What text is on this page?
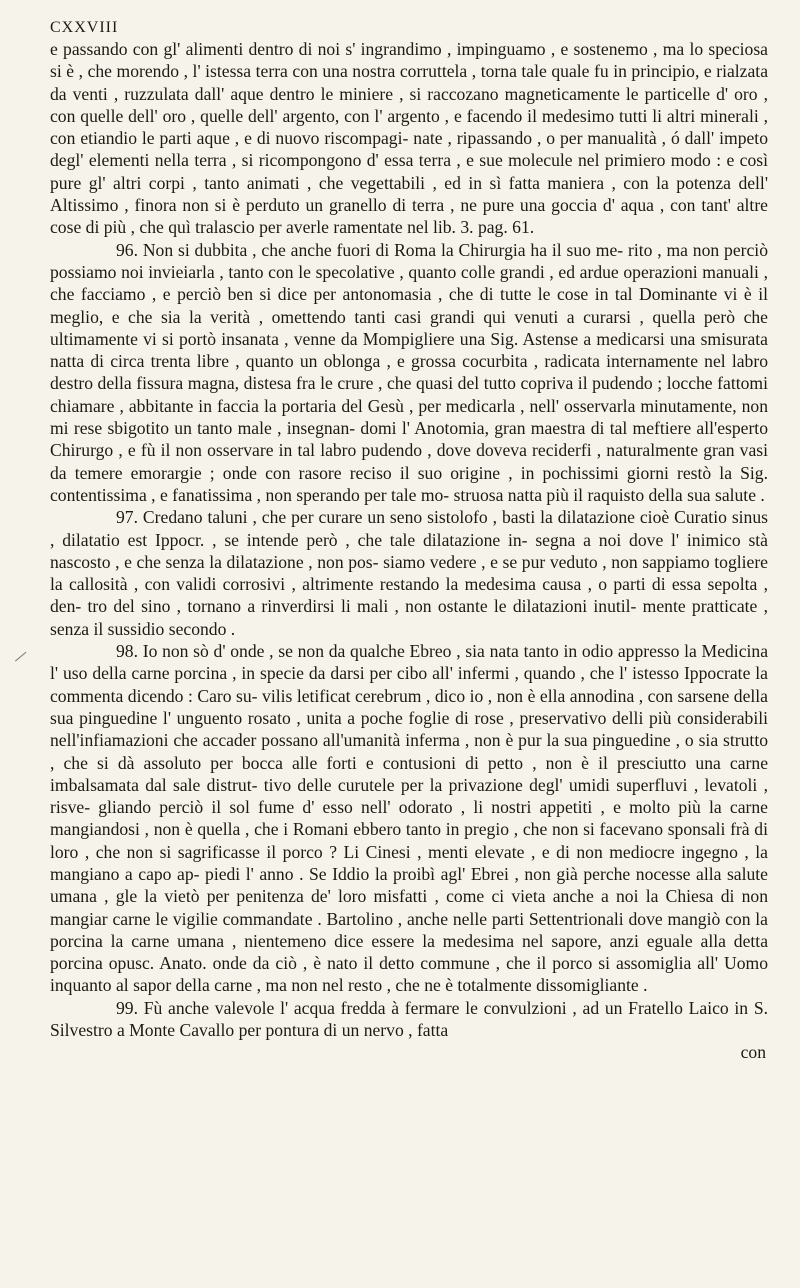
CXXVIII

e passando con gl' alimenti dentro di noi s' ingrandimo , impinguamo , e sostenemo , ma lo speciosa si è , che morendo , l' istessa terra con una nostra corruttela , torna tale quale fu in principio, e rialzata da venti , ruzzulata dall' aque dentro le miniere , si raccozano magneticamente le particelle d' oro , con quelle dell' oro , quelle dell' argento, con l' argento , e facendo il medesimo tutti li altri minerali , con etiandio le parti aque , e di nuovo riscompagi- nate , ripassando , o per manualità , ó dall' impeto degl' elementi nella terra , si ricompongono d' essa terra , e sue molecule nel primiero modo : e così pure gl' altri corpi , tanto animati , che vegettabili , ed in sì fatta maniera , con la potenza dell' Altissimo , finora non si è perduto un granello di terra , ne pure una goccia d' aqua , con tant' altre cose di più , che quì tralascio per averle ramentate nel lib. 3. pag. 61.

96. Non si dubbita , che anche fuori di Roma la Chirurgia ha il suo me- rito , ma non perciò possiamo noi invieiarla , tanto con le specolative , quanto colle grandi , ed ardue operazioni manuali , che facciamo , e perciò ben si dice per antonomasia , che di tutte le cose in tal Dominante vi è il meglio, e che sia la verità , omettendo tanti casi grandi qui venuti a curarsi , quella però che ultimamente vi si portò insanata , venne da Mompigliere una Sig. Astense a medicarsi una smisurata natta di circa trenta libre , quanto un oblonga , e grossa cocurbita , radicata internamente nel labro destro della fissura magna, distesa fra le crure , che quasi del tutto copriva il pudendo ; locche fattomi chiamare , abbitante in faccia la portaria del Gesù , per medicarla , nell' osservarla minutamente, non mi rese sbigotito un tanto male , insegnan- domi l' Anotomia, gran maestra di tal meftiere all'esperto Chirurgo , e fù il non osservare in tal labro pudendo , dove doveva reciderfi , naturalmente gran vasi da temere emorargie ; onde con rasore reciso il suo origine , in pochissimi giorni restò la Sig. contentissima , e fanatissima , non sperando per tale mo- struosa natta più il raquisto della sua salute .

97. Credano taluni , che per curare un seno sistolofo , basti la dilatazione cioè Curatio sinus , dilatatio est Ippocr. , se intende però , che tale dilatazione in- segna a noi dove l' inimico stà nascosto , e che senza la dilatazione , non pos- siamo vedere , e se pur veduto , non sappiamo togliere la callosità , con validi corrosivi , altrimente restando la medesima causa , o parti di essa sepolta , den- tro del sino , tornano a rinverdirsi li mali , non ostante le dilatazioni inutil- mente pratticate , senza il sussidio secondo .

98. Io non sò d' onde , se non da qualche Ebreo , sia nata tanto in odio appresso la Medicina l' uso della carne porcina , in specie da darsi per cibo all' infermi , quando , che l' istesso Ippocrate la commenta dicendo : Caro su- vilis letificat cerebrum , dico io , non è ella annodina , con sarsene della sua pinguedine l' unguento rosato , unita a poche foglie di rose , preservativo delli più considerabili nell'infiamazioni che accader possano all'umanità inferma , non è pur la sua pinguedine , o sia strutto , che si dà assoluto per bocca alle forti e contusioni di petto , non è il presciutto una carne imbalsamata dal sale distrut- tivo delle curutele per la privazione degl' umidi superfluvi , levatoli , risve- gliando perciò il sol fume d' esso nell' odorato , li nostri appetiti , e molto più la carne mangiandosi , non è quella , che i Romani ebbero tanto in pregio , che non si facevano sponsali frà di loro , che non si sagrificasse il porco ? Li Cinesi , menti elevate , e di non mediocre ingegno , la mangiano a capo ap- piedi l' anno . Se Iddio la proibì agl' Ebrei , non già perche nocesse alla salute umana , gle la vietò per penitenza de' loro misfatti , come ci vieta anche a noi la Chiesa di non mangiar carne le vigilie commandate . Bartolino , anche nelle parti Settentrionali dove mangiò con la porcina la carne umana , nientemeno dice essere la medesima nel sapore, anzi eguale alla detta porcina opusc. Anato. onde da ciò , è nato il detto commune , che il porco si assomiglia all' Uomo inquanto al sapor della carne , ma non nel resto , che ne è totalmente dissomigliante .

99. Fù anche valevole l' acqua fredda à fermare le convulzioni , ad un Fratello Laico in S. Silvestro a Monte Cavallo per pontura di un nervo , fatta

con
